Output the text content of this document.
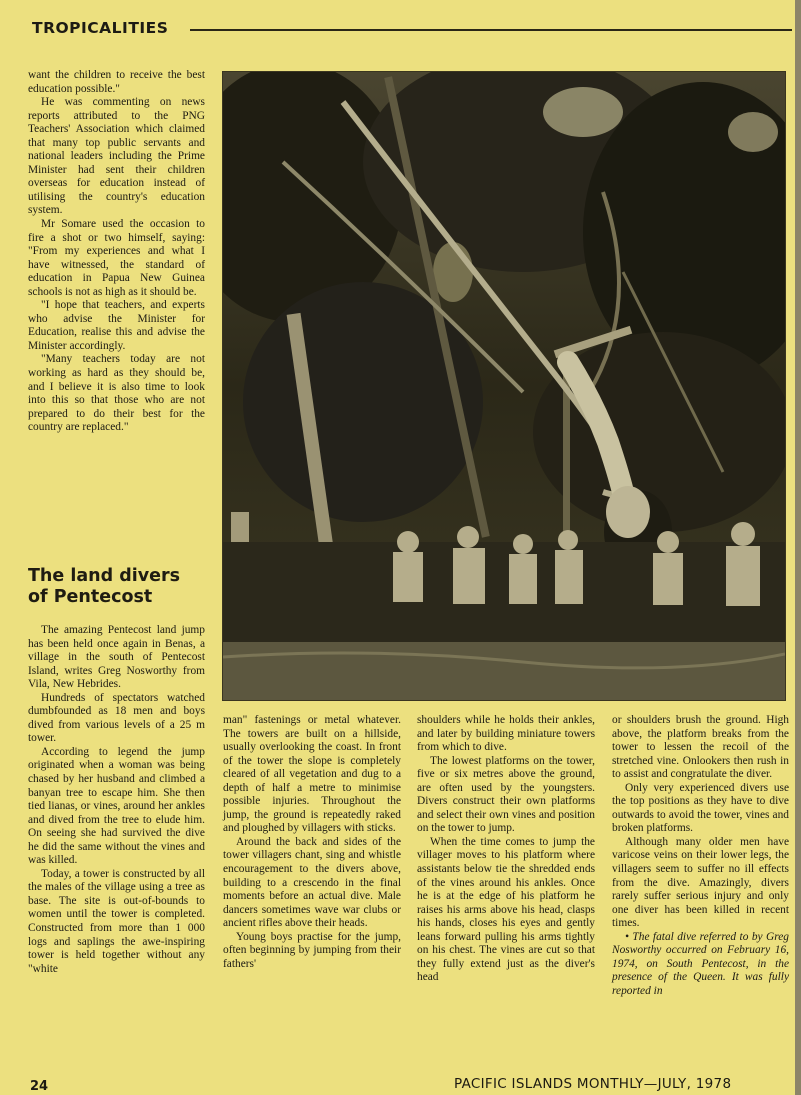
TROPICALITIES

want the children to receive the best education possible."

He was commenting on news reports attributed to the PNG Teachers' Association which claimed that many top public servants and national leaders including the Prime Minister had sent their children overseas for education instead of utilising the country's education system.

Mr Somare used the occasion to fire a shot or two himself, saying: "From my experiences and what I have witnessed, the standard of education in Papua New Guinea schools is not as high as it should be.

"I hope that teachers, and experts who advise the Minister for Education, realise this and advise the Minister accordingly.

"Many teachers today are not working as hard as they should be, and I believe it is also time to look into this so that those who are not prepared to do their best for the country are replaced."

The land divers
of Pentecost

The amazing Pentecost land jump has been held once again in Benas, a village in the south of Pentecost Island, writes Greg Nosworthy from Vila, New Hebrides.

Hundreds of spectators watched dumbfounded as 18 men and boys dived from various levels of a 25 m tower.

According to legend the jump originated when a woman was being chased by her husband and climbed a banyan tree to escape him. She then tied lianas, or vines, around her ankles and dived from the tree to elude him. On seeing she had survived the dive he did the same without the vines and was killed.

Today, a tower is constructed by all the males of the village using a tree as base. The site is out-of-bounds to women until the tower is completed. Constructed from more than 1 000 logs and saplings the awe-inspiring tower is held together without any "white

man" fastenings or metal whatever. The towers are built on a hillside, usually overlooking the coast. In front of the tower the slope is completely cleared of all vegetation and dug to a depth of half a metre to minimise possible injuries. Throughout the jump, the ground is repeatedly raked and ploughed by villagers with sticks.

Around the back and sides of the tower villagers chant, sing and whistle encouragement to the divers above, building to a crescendo in the final moments before an actual dive. Male dancers sometimes wave war clubs or ancient rifles above their heads.

Young boys practise for the jump, often beginning by jumping from their fathers'

shoulders while he holds their ankles, and later by building miniature towers from which to dive.

The lowest platforms on the tower, five or six metres above the ground, are often used by the youngsters. Divers construct their own platforms and select their own vines and position on the tower to jump.

When the time comes to jump the villager moves to his platform where assistants below tie the shredded ends of the vines around his ankles. Once he is at the edge of his platform he raises his arms above his head, clasps his hands, closes his eyes and gently leans forward pulling his arms tightly on his chest. The vines are cut so that they fully extend just as the diver's head

or shoulders brush the ground. High above, the platform breaks from the tower to lessen the recoil of the stretched vine. Onlookers then rush in to assist and congratulate the diver.

Only very experienced divers use the top positions as they have to dive outwards to avoid the tower, vines and broken platforms.

Although many older men have varicose veins on their lower legs, the villagers seem to suffer no ill effects from the dive. Amazingly, divers rarely suffer serious injury and only one diver has been killed in recent times.

• The fatal dive referred to by Greg Nosworthy occurred on February 16, 1974, on South Pentecost, in the presence of the Queen. It was fully reported in

24	PACIFIC ISLANDS MONTHLY—JULY, 1978
